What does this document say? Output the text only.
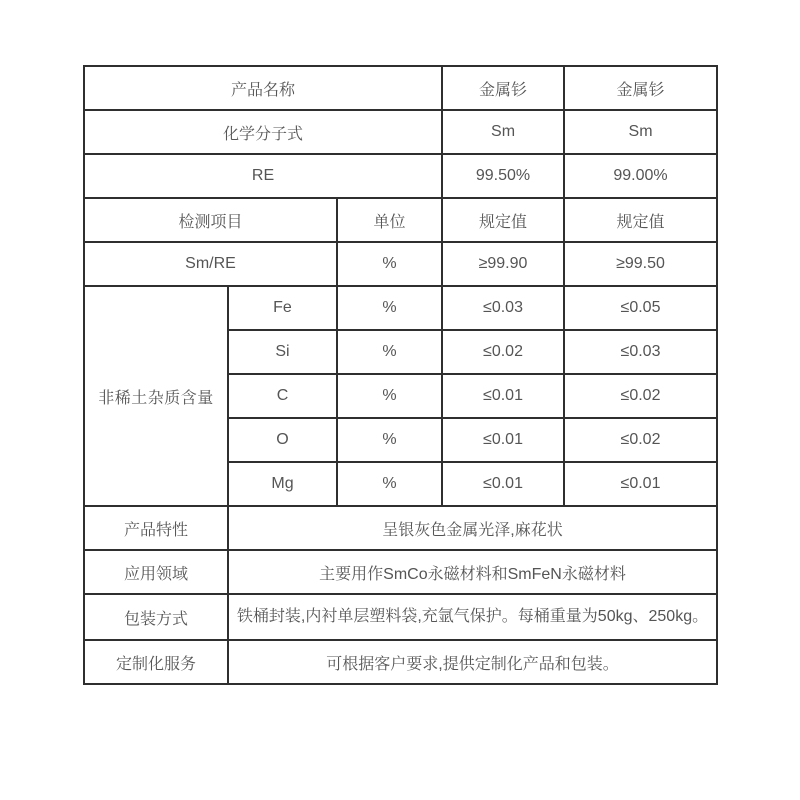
产品名称			金属钐	金属钐
化学分子式			Sm	Sm
RE			99.50%	99.00%
检测项目		单位	规定值	规定值
Sm/RE		%	≥99.90	≥99.50
非稀土杂质含量	Fe	%	≤0.03	≤0.05
	Si	%	≤0.02	≤0.03
	C	%	≤0.01	≤0.02
	O	%	≤0.01	≤0.02
	Mg	%	≤0.01	≤0.01
产品特性	呈银灰色金属光泽,麻花状			
应用领域	主要用作SmCo永磁材料和SmFeN永磁材料			
包装方式	铁桶封装,内衬单层塑料袋,充氩气保护。每桶重量为50kg、250kg。			
定制化服务	可根据客户要求,提供定制化产品和包装。			
